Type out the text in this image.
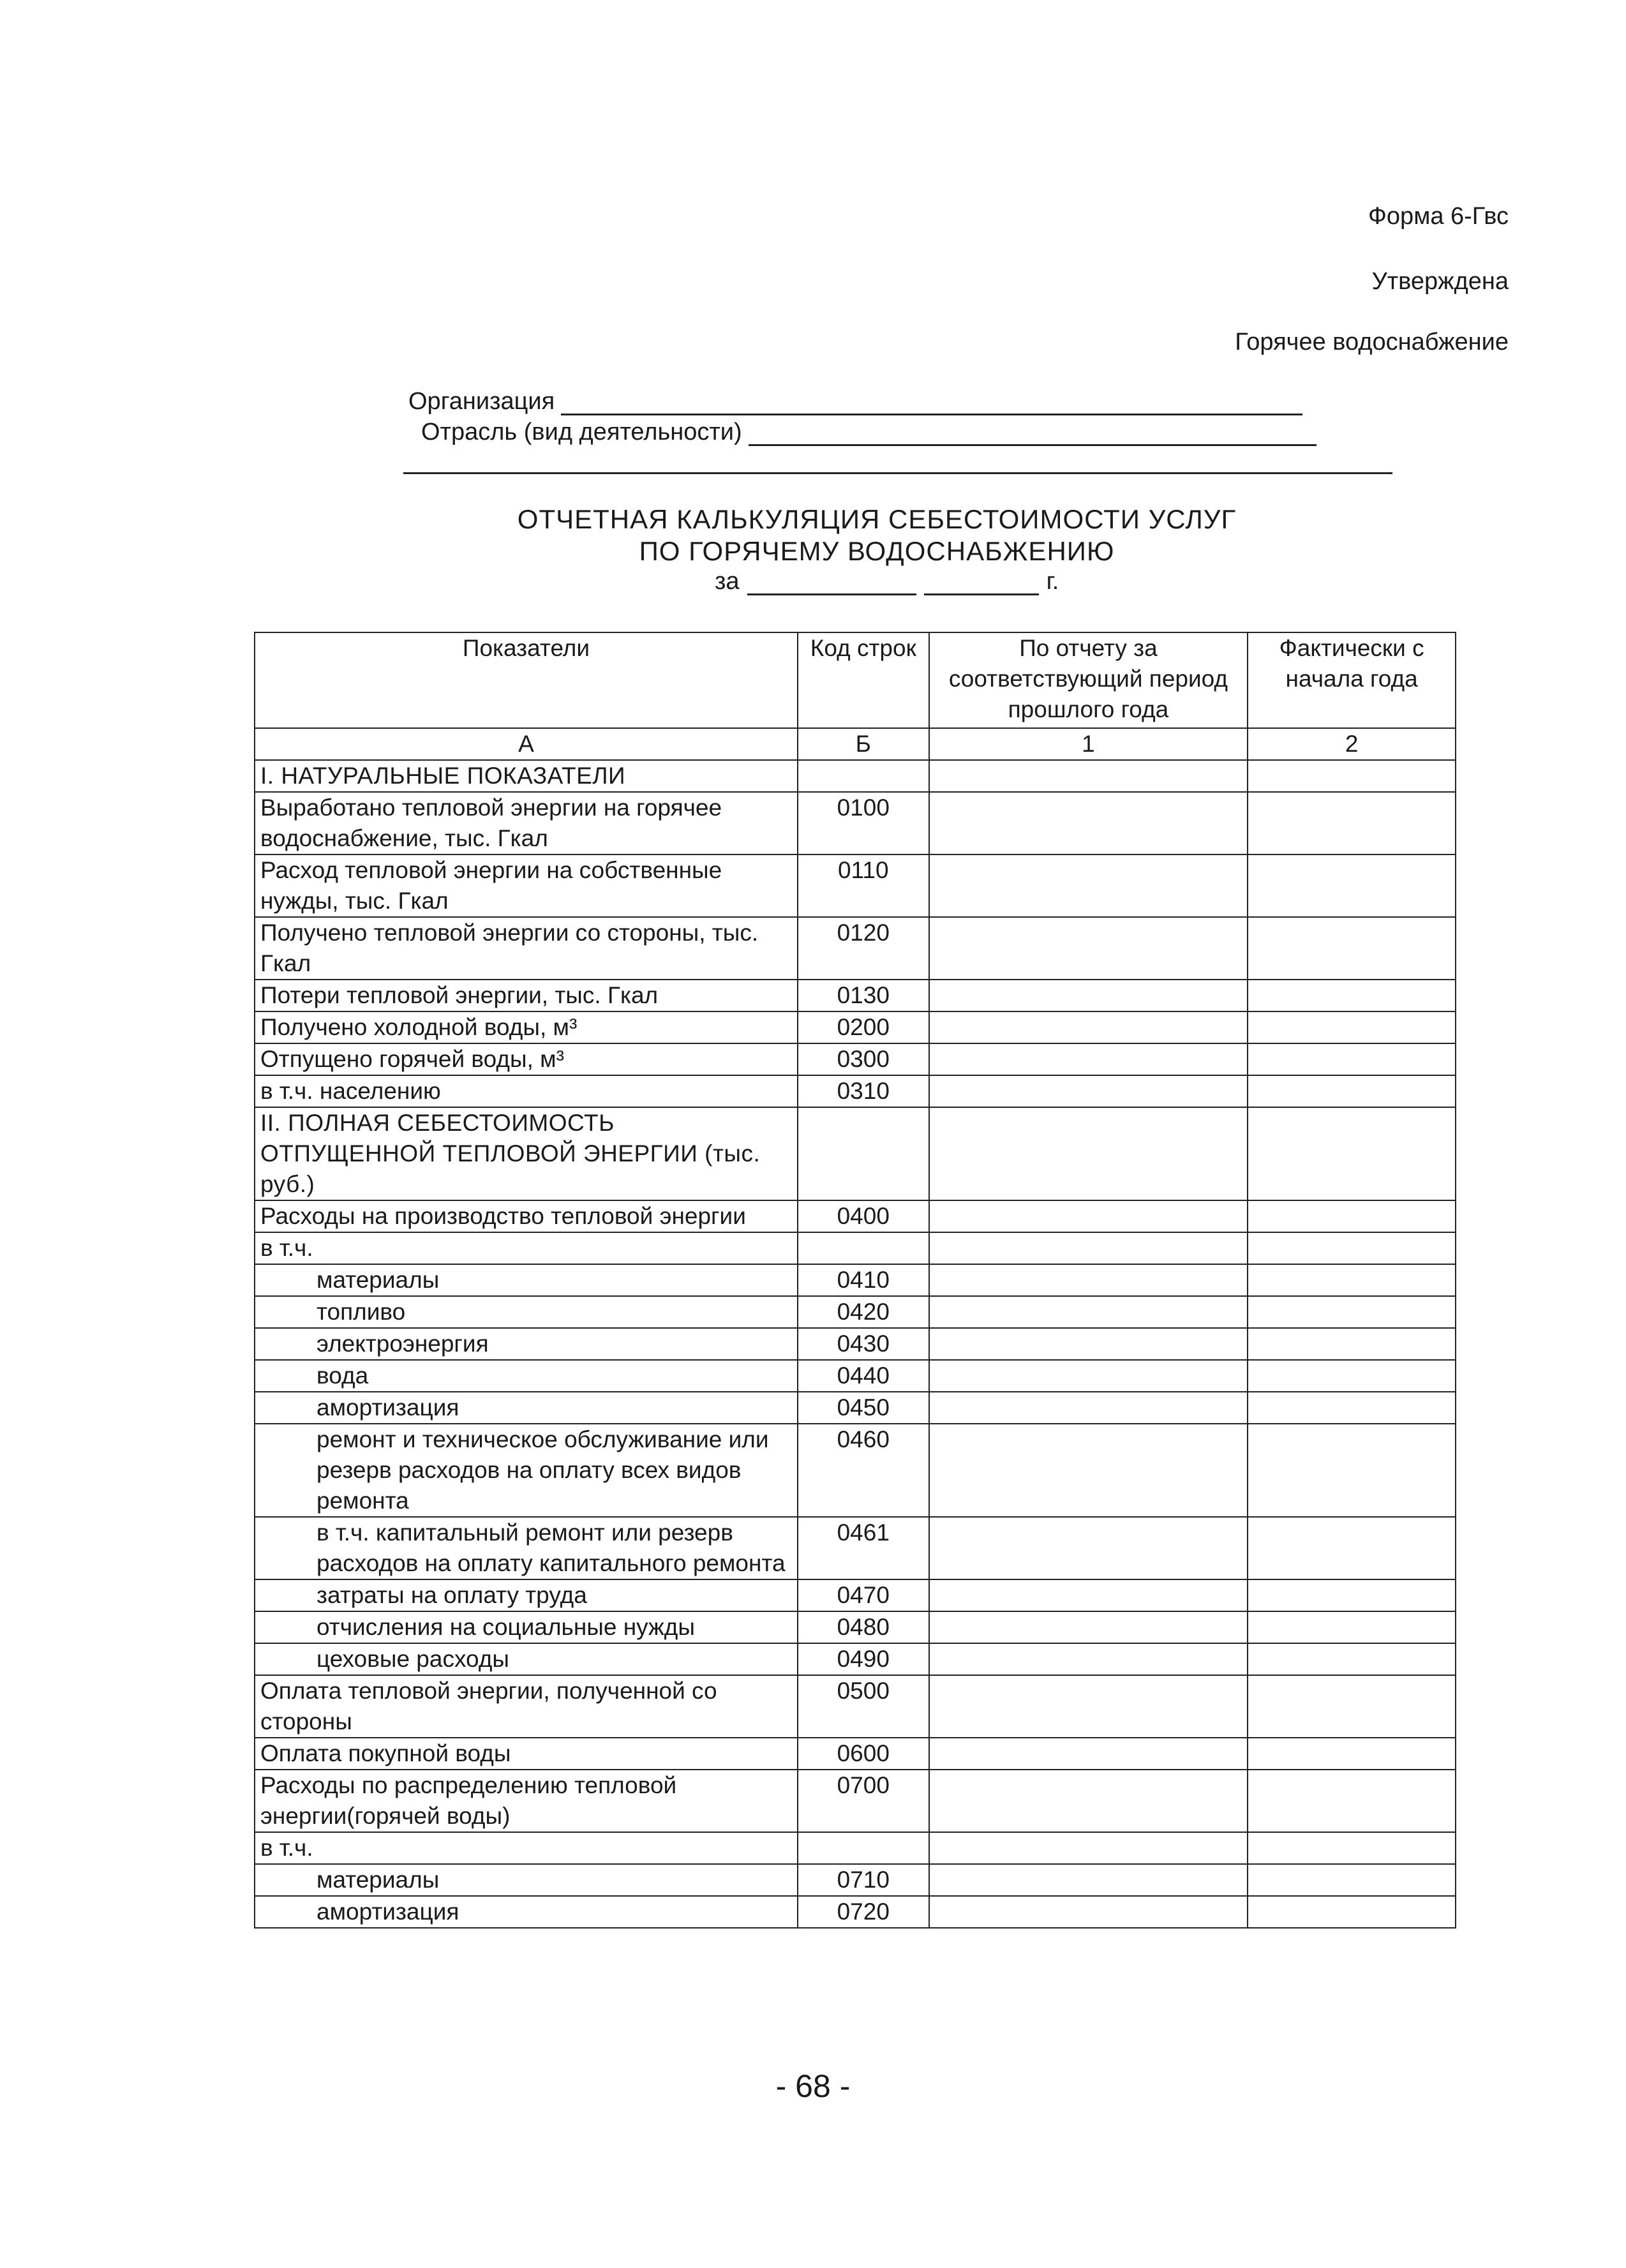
Форма 6-Гвс
Утверждена
Горячее водоснабжение
Организация
Отрасль (вид деятельности)
ОТЧЕТНАЯ КАЛЬКУЛЯЦИЯ СЕБЕСТОИМОСТИ УСЛУГ
ПО ГОРЯЧЕМУ ВОДОСНАБЖЕНИЮ
за	г.
Показатели	Код строк	По отчету за соответствующий период прошлого года	Фактически с начала года
А	Б	1	2
I. НАТУРАЛЬНЫЕ ПОКАЗАТЕЛИ			
Выработано тепловой энергии на горячее водоснабжение, тыс. Гкал	0100		
Расход тепловой энергии на собственные нужды, тыс. Гкал	0110		
Получено тепловой энергии со стороны, тыс. Гкал	0120		
Потери тепловой энергии, тыс. Гкал	0130		
Получено холодной воды, м³	0200		
Отпущено горячей воды, м³	0300		
в т.ч. населению	0310		
II. ПОЛНАЯ СЕБЕСТОИМОСТЬ ОТПУЩЕННОЙ ТЕПЛОВОЙ ЭНЕРГИИ (тыс. руб.)			
Расходы на производство тепловой энергии	0400		
в т.ч.			
материалы	0410		
топливо	0420		
электроэнергия	0430		
вода	0440		
амортизация	0450		
ремонт и техническое обслуживание или резерв расходов на оплату всех видов ремонта	0460		
в т.ч. капитальный ремонт или резерв расходов на оплату капитального ремонта	0461		
затраты на оплату труда	0470		
отчисления на социальные нужды	0480		
цеховые расходы	0490		
Оплата тепловой энергии, полученной со стороны	0500		
Оплата покупной воды	0600		
Расходы по распределению тепловой энергии(горячей воды)	0700		
в т.ч.			
материалы	0710		
амортизация	0720		
- 68 -
